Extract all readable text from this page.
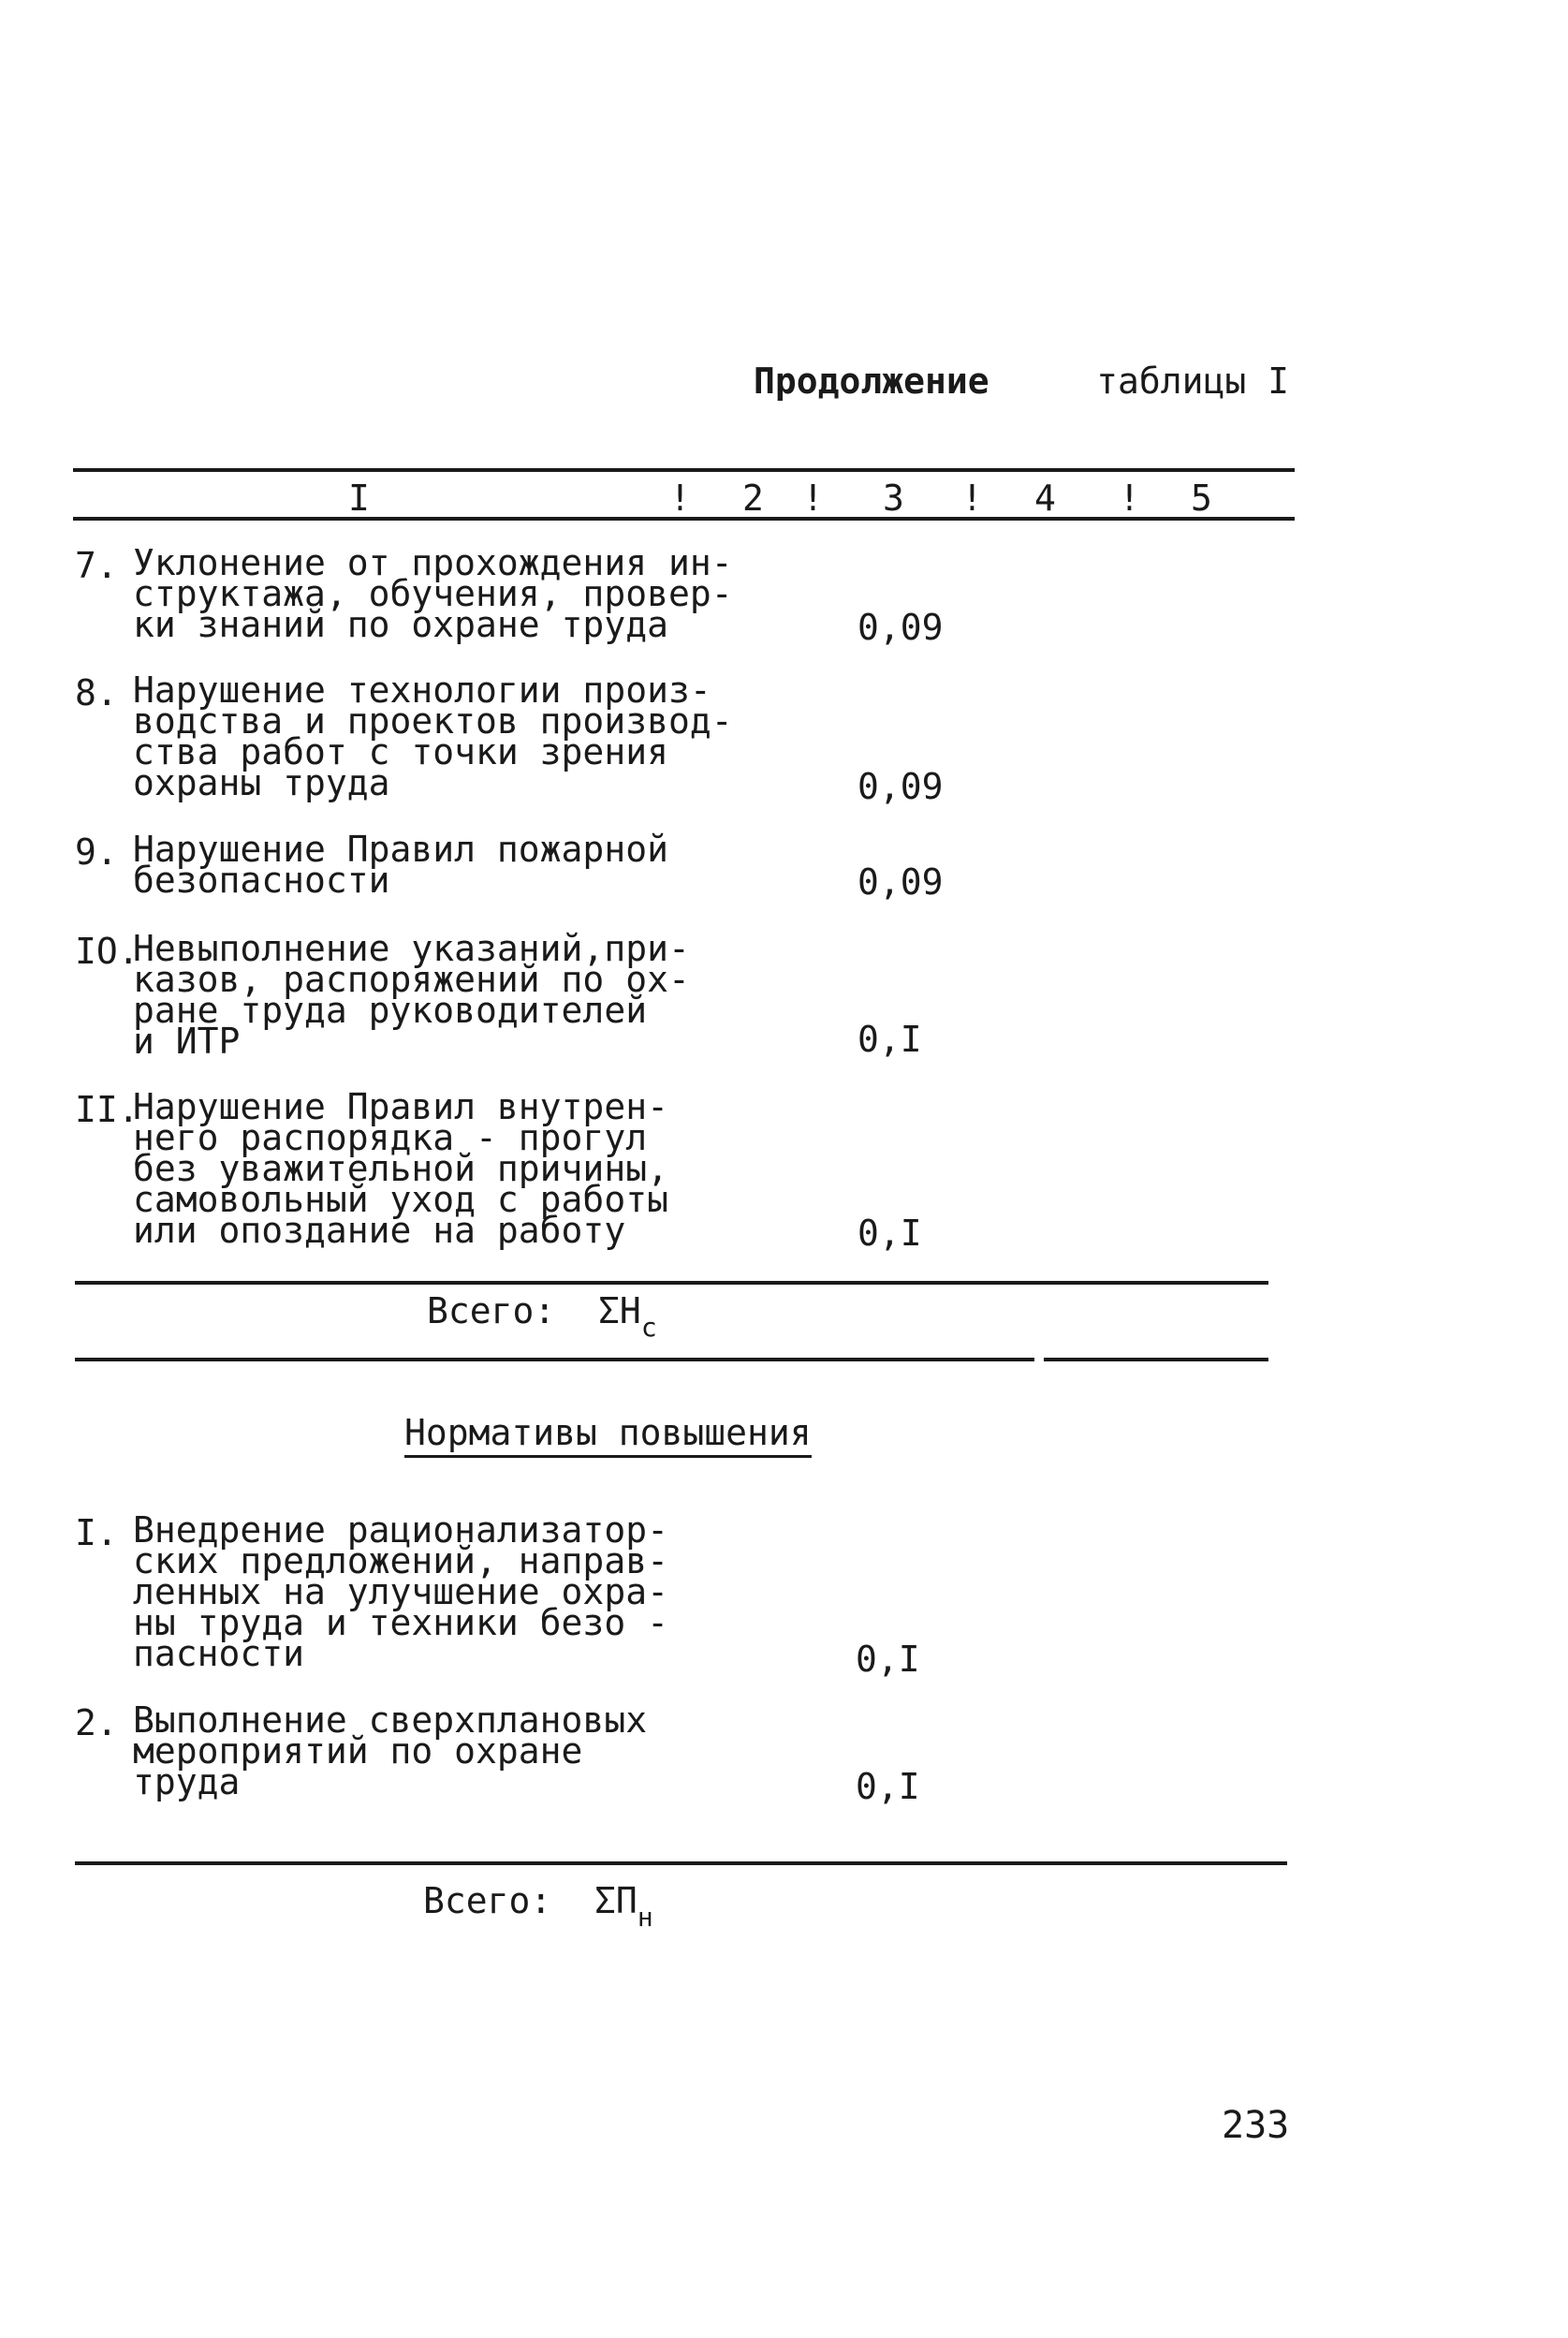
Продолжение	таблицы I
I	! 2 ! 3 ! 4 ! 5
7. Уклонение от прохождения ин-
структажа, обучения, провер-
ки знаний по охране труда	0,09
8. Нарушение технологии произ-
водства и проектов производ-
ства работ с точки зрения
охраны труда	0,09
9. Нарушение Правил пожарной
безопасности	0,09
IO.
Невыполнение указаний,при-
казов, распоряжений по ох-
ране труда руководителей
и ИТР	0,I
II.
Нарушение Правил внутрен-
него распорядка - прогул
без уважительной причины,
самовольный уход с работы
или опоздание на работу	0,I
Всего: $\Sigma H_с$
Нормативы повышения
I. Внедрение рационализатор-
ских предложений, направ-
ленных на улучшение охра-
ны труда и техники безо -
пасности	0,I
2. Выполнение сверхплановых
мероприятий по охране
труда	0,I
Всего: $\Sigma П_н$
233
